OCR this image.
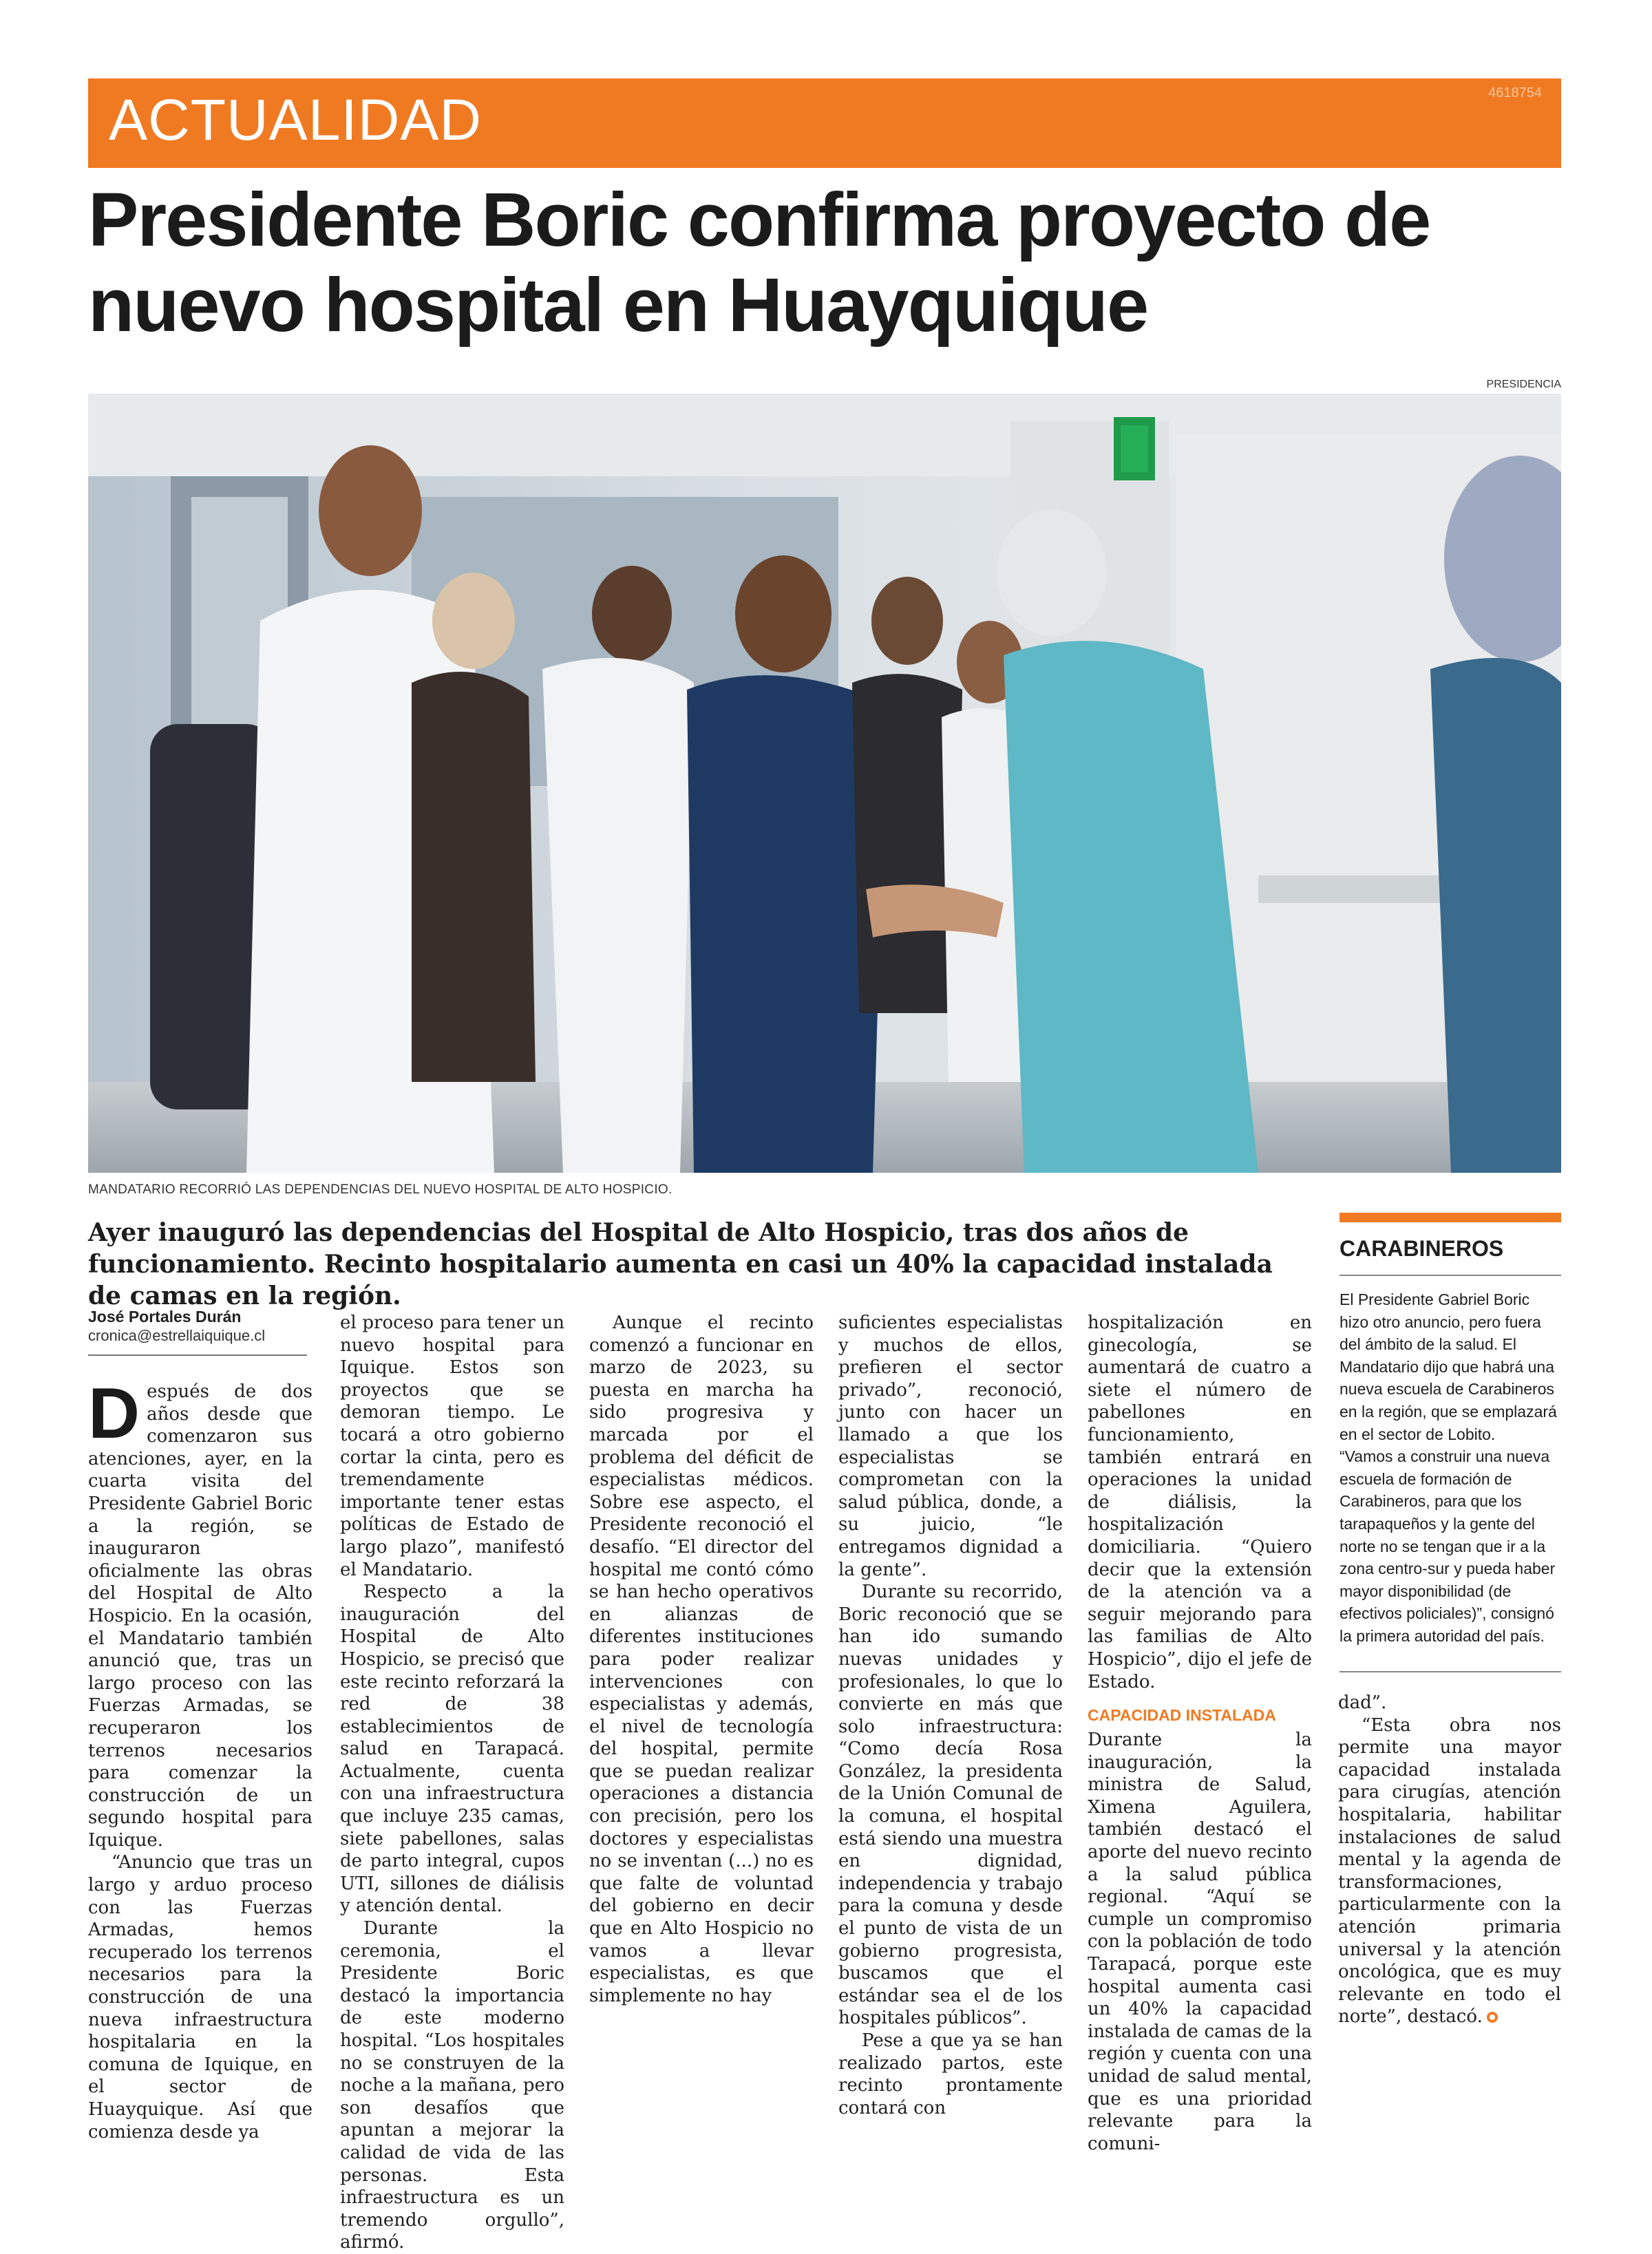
ACTUALIDAD	4618754
Presidente Boric confirma proyecto de nuevo hospital en Huayquique
PRESIDENCIA
MANDATARIO RECORRIÓ LAS DEPENDENCIAS DEL NUEVO HOSPITAL DE ALTO HOSPICIO.

Ayer inauguró las dependencias del Hospital de Alto Hospicio, tras dos años de funcionamiento. Recinto hospitalario aumenta en casi un 40% la capacidad instalada de camas en la región.

José Portales Durán
cronica@estrellaiquique.cl

Después de dos años desde que comenzaron sus atenciones, ayer, en la cuarta visita del Presidente Gabriel Boric a la región, se inauguraron oficialmente las obras del Hospital de Alto Hospicio. En la ocasión, el Mandatario también anunció que, tras un largo proceso con las Fuerzas Armadas, se recuperaron los terrenos necesarios para comenzar la construcción de un segundo hospital para Iquique.

“Anuncio que tras un largo y arduo proceso con las Fuerzas Armadas, hemos recuperado los terrenos necesarios para la construcción de una nueva infraestructura hospitalaria en la comuna de Iquique, en el sector de Huayquique. Así que comienza desde ya

el proceso para tener un nuevo hospital para Iquique. Estos son proyectos que se demoran tiempo. Le tocará a otro gobierno cortar la cinta, pero es tremendamente importante tener estas políticas de Estado de largo plazo”, manifestó el Mandatario.

Respecto a la inauguración del Hospital de Alto Hospicio, se precisó que este recinto reforzará la red de 38 establecimientos de salud en Tarapacá. Actualmente, cuenta con una infraestructura que incluye 235 camas, siete pabellones, salas de parto integral, cupos UTI, sillones de diálisis y atención dental.

Durante la ceremonia, el Presidente Boric destacó la importancia de este moderno hospital. “Los hospitales no se construyen de la noche a la mañana, pero son desafíos que apuntan a mejorar la calidad de vida de las personas. Esta infraestructura es un tremendo orgullo”, afirmó.

Aunque el recinto comenzó a funcionar en marzo de 2023, su puesta en marcha ha sido progresiva y marcada por el problema del déficit de especialistas médicos. Sobre ese aspecto, el Presidente reconoció el desafío. “El director del hospital me contó cómo se han hecho operativos en alianzas de diferentes instituciones para poder realizar intervenciones con especialistas y además, el nivel de tecnología del hospital, permite que se puedan realizar operaciones a distancia con precisión, pero los doctores y especialistas no se inventan (...) no es que falte de voluntad del gobierno en decir que en Alto Hospicio no vamos a llevar especialistas, es que simplemente no hay

suficientes especialistas y muchos de ellos, prefieren el sector privado”, reconoció, junto con hacer un llamado a que los especialistas se comprometan con la salud pública, donde, a su juicio, “le entregamos dignidad a la gente”.

Durante su recorrido, Boric reconoció que se han ido sumando nuevas unidades y profesionales, lo que lo convierte en más que solo infraestructura: “Como decía Rosa González, la presidenta de la Unión Comunal de la comuna, el hospital está siendo una muestra en dignidad, independencia y trabajo para la comuna y desde el punto de vista de un gobierno progresista, buscamos que el estándar sea el de los hospitales públicos”.

Pese a que ya se han realizado partos, este recinto prontamente contará con

hospitalización en ginecología, se aumentará de cuatro a siete el número de pabellones en funcionamiento, también entrará en operaciones la unidad de diálisis, la hospitalización domiciliaria. “Quiero decir que la extensión de la atención va a seguir mejorando para las familias de Alto Hospicio”, dijo el jefe de Estado.

CAPACIDAD INSTALADA

Durante la inauguración, la ministra de Salud, Ximena Aguilera, también destacó el aporte del nuevo recinto a la salud pública regional. “Aquí se cumple un compromiso con la población de todo Tarapacá, porque este hospital aumenta casi un 40% la capacidad instalada de camas de la región y cuenta con una unidad de salud mental, que es una prioridad relevante para la comuni-

CARABINEROS

El Presidente Gabriel Boric hizo otro anuncio, pero fuera del ámbito de la salud. El Mandatario dijo que habrá una nueva escuela de Carabineros en la región, que se emplazará en el sector de Lobito.

“Vamos a construir una nueva escuela de formación de Carabineros, para que los tarapaqueños y la gente del norte no se tengan que ir a la zona centro-sur y pueda haber mayor disponibilidad (de efectivos policiales)”, consignó la primera autoridad del país.

dad”.

“Esta obra nos permite una mayor capacidad instalada para cirugías, atención hospitalaria, habilitar instalaciones de salud mental y la agenda de transformaciones, particularmente con la atención primaria universal y la atención oncológica, que es muy relevante en todo el norte”, destacó.
